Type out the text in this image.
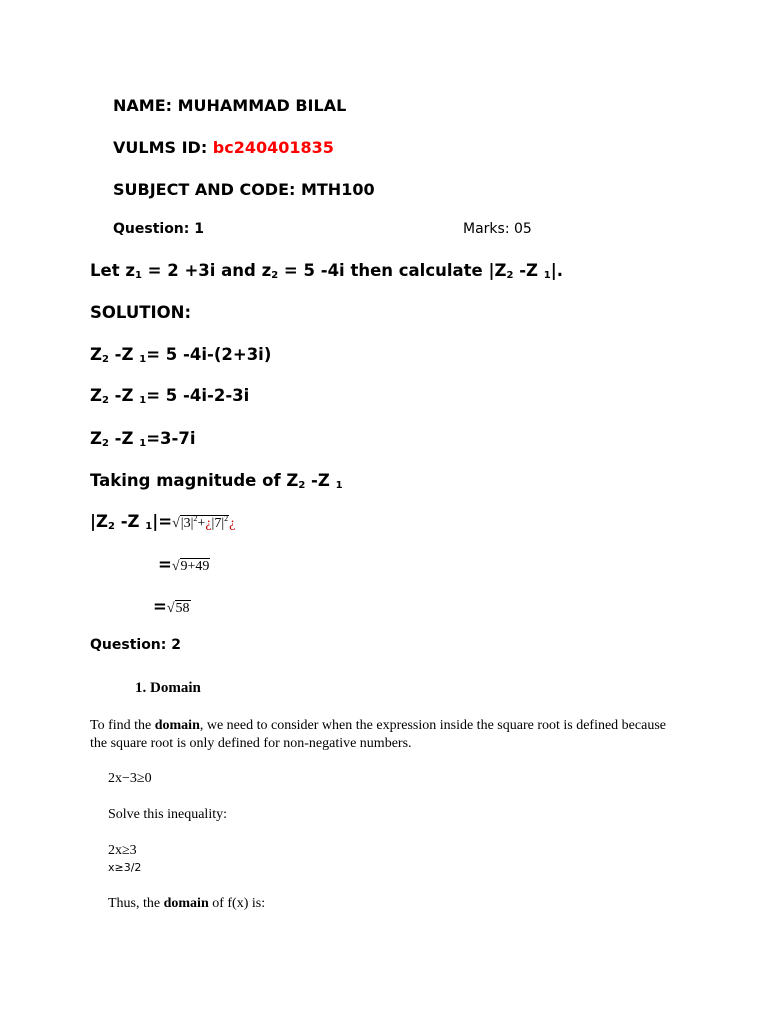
NAME: MUHAMMAD BILAL
VULMS ID: bc240401835
SUBJECT AND CODE: MTH100
Question: 1	Marks: 05
Let $z_1 = 2 +3i$ and $z_2 = 5$ -4i then calculate $|Z_2$ -Z $_1$|.
SOLUTION:
$Z_2$ -Z $_1$= 5 -4i-(2+3i)
$Z_2$ -Z $_1$= 5 -4i-2-3i
$Z_2$ -Z $_1$=3-7i
Taking magnitude of $Z_2$ -Z $_1$
$|Z_2$ -Z $_1|=√|3|^2+¿|7|^2¿$
=√9+49
=√58
Question: 2
1. Domain
To find the domain, we need to consider when the expression inside the square root is defined because the square root is only defined for non-negative numbers.
2x−3≥0
Solve this inequality:
2x≥3
x≥3/2
Thus, the domain of f(x) is:
